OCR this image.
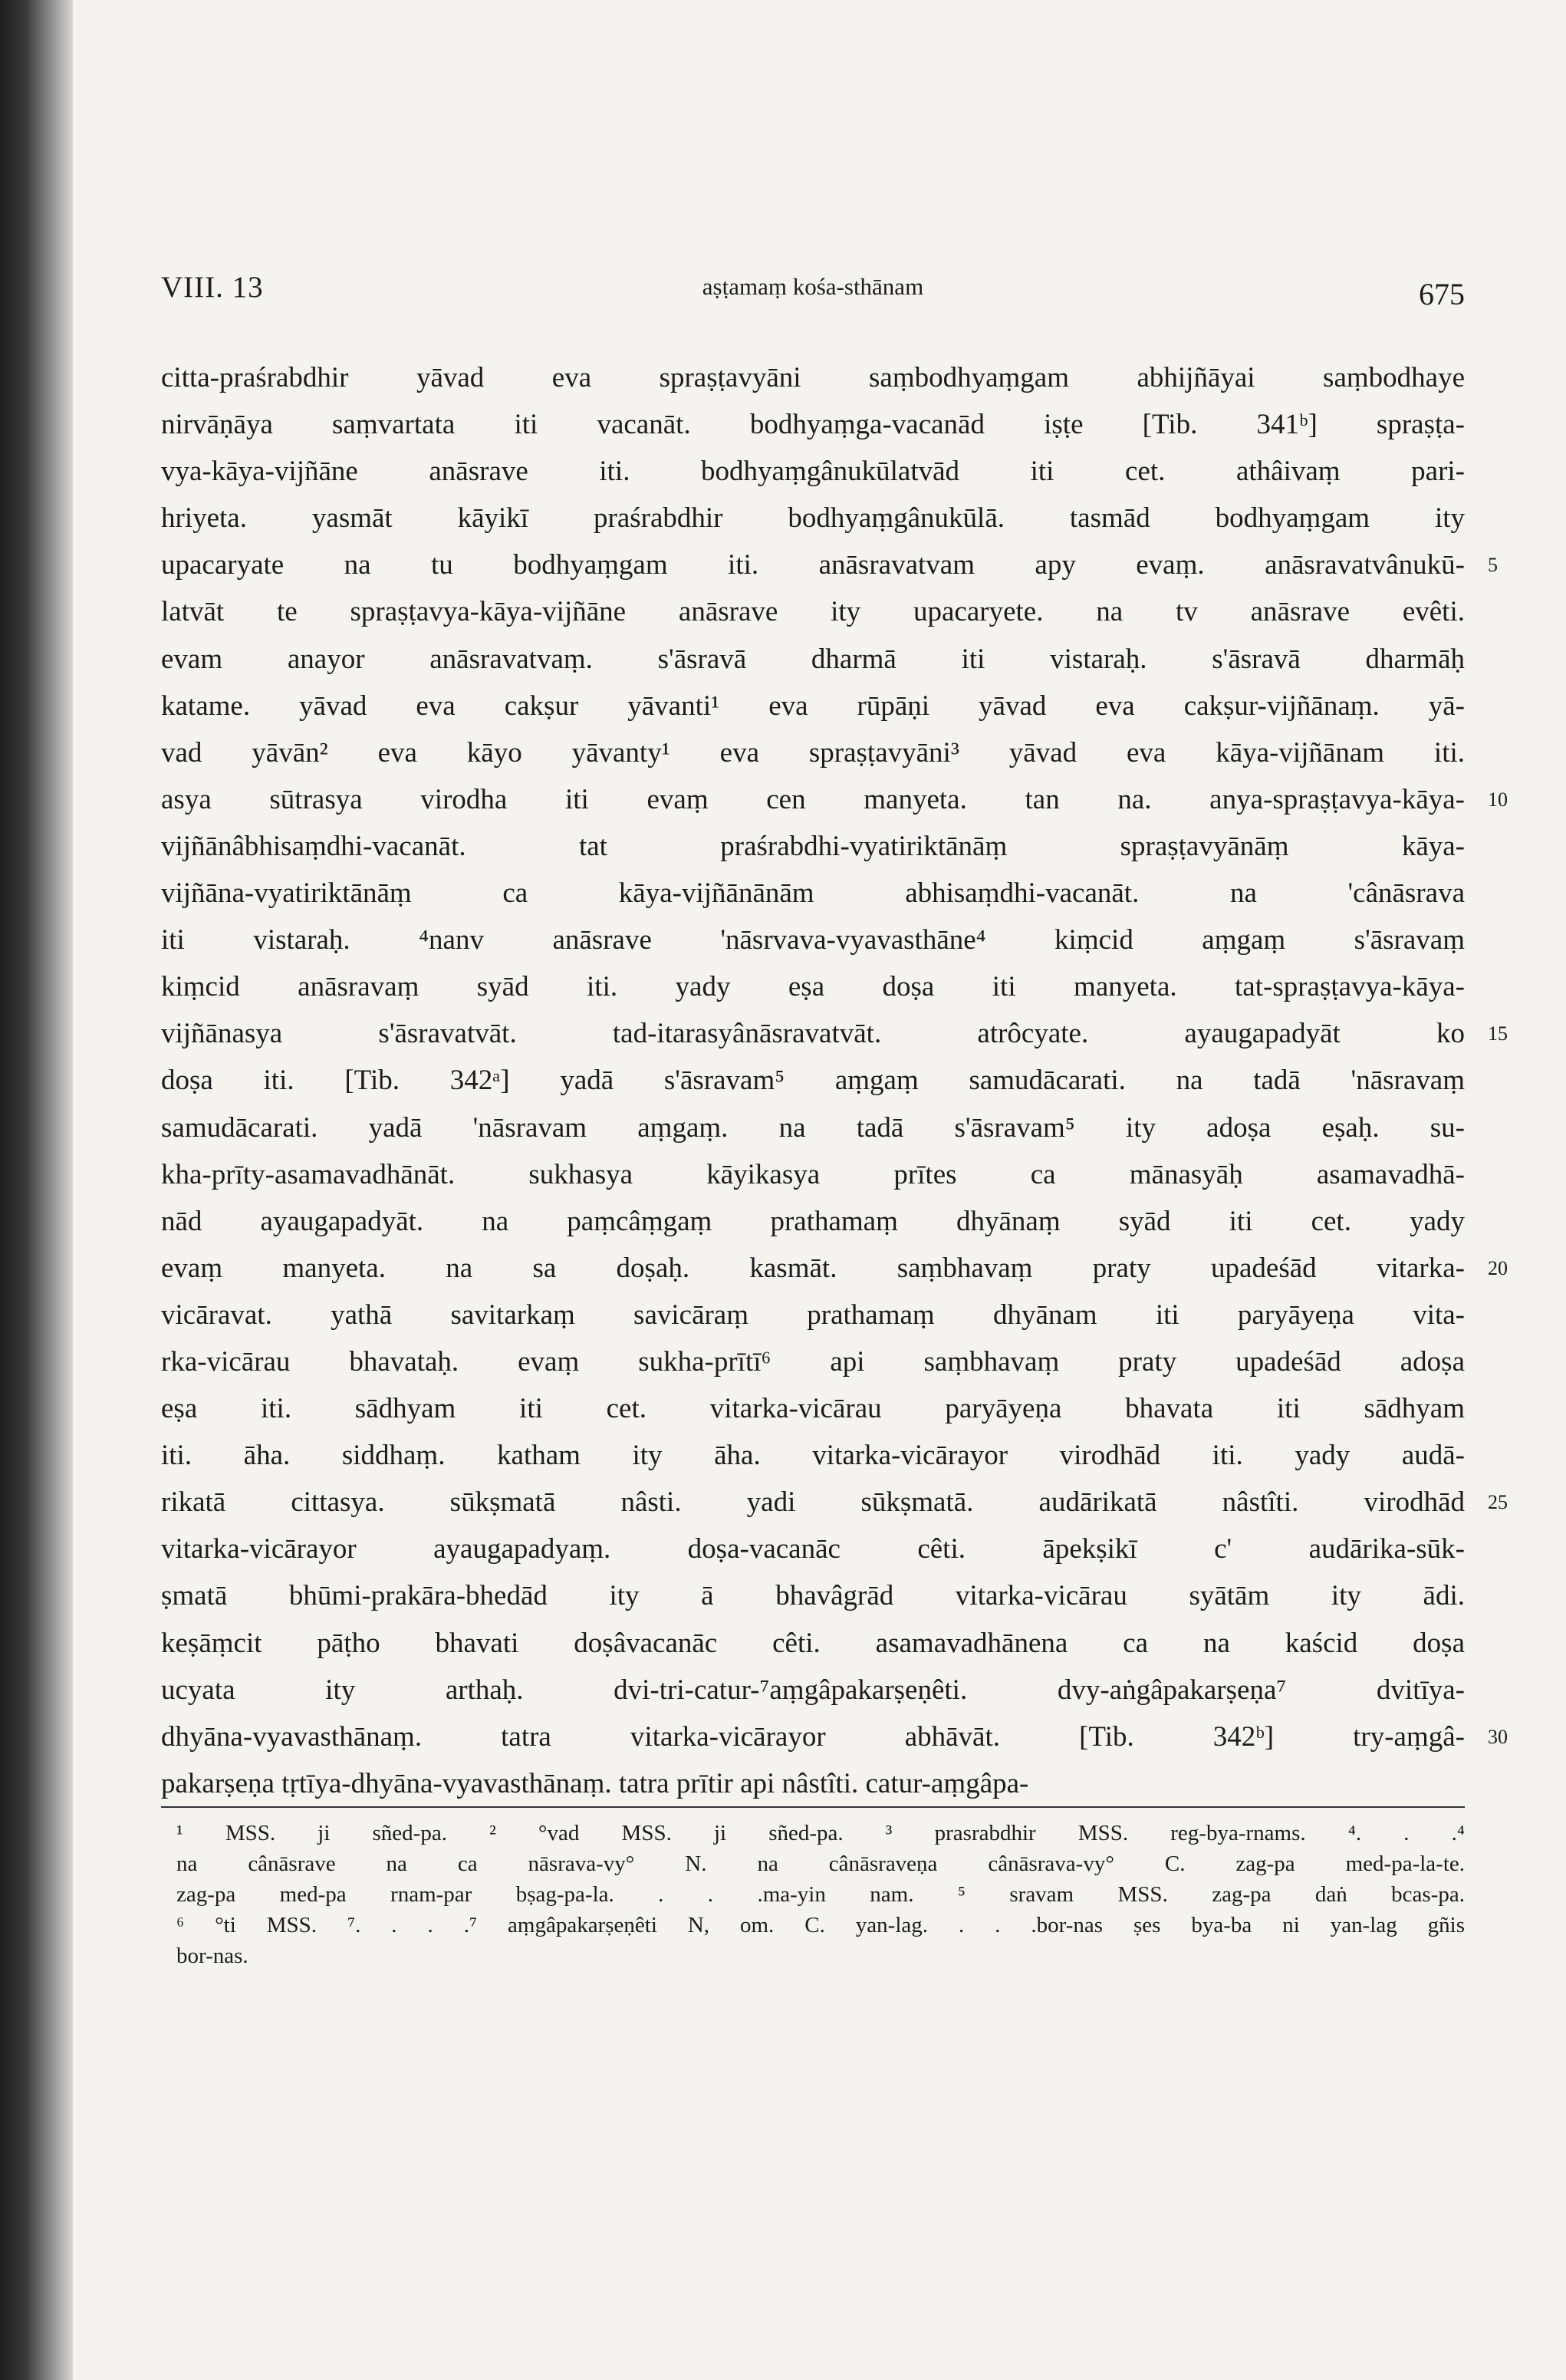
VIII. 13	aṣṭamaṃ kośa-sthānam	675
citta-praśrabdhir yāvad eva spraṣṭavyāni saṃbodhyaṃgam abhijñāyai saṃbodhaye
nirvāṇāya saṃvartata iti vacanāt. bodhyaṃga-vacanād iṣṭe [Tib. 341ᵇ] spraṣṭa-
vya-kāya-vijñāne anāsrave iti. bodhyaṃgânukūlatvād iti cet. athâivaṃ pari-
hriyeta. yasmāt kāyikī praśrabdhir bodhyaṃgânukūlā. tasmād bodhyaṃgam ity
upacaryate na tu bodhyaṃgam iti. anāsravatvam apy evaṃ. anāsravatvânukū- 5
latvāt te spraṣṭavya-kāya-vijñāne anāsrave ity upacaryete. na tv anāsrave evêti.
evam anayor anāsravatvaṃ. s'āsravā dharmā iti vistaraḥ. s'āsravā dharmāḥ
katame. yāvad eva cakṣur yāvanti¹ eva rūpāṇi yāvad eva cakṣur-vijñānaṃ. yā-
vad yāvān² eva kāyo yāvanty¹ eva spraṣṭavyāni³ yāvad eva kāya-vijñānam iti.
asya sūtrasya virodha iti evaṃ cen manyeta. tan na. anya-spraṣṭavya-kāya- 10
vijñānâbhisaṃdhi-vacanāt. tat praśrabdhi-vyatiriktānāṃ spraṣṭavyānāṃ kāya-
vijñāna-vyatiriktānāṃ ca kāya-vijñānānām abhisaṃdhi-vacanāt. na 'cânāsrava
iti vistaraḥ. ⁴nanv anāsrave 'nāsrvava-vyavasthāne⁴ kiṃcid aṃgaṃ s'āsravaṃ
kiṃcid anāsravaṃ syād iti. yady eṣa doṣa iti manyeta. tat-spraṣṭavya-kāya-
vijñānasya s'āsravatvāt. tad-itarasyânāsravatvāt. atrôcyate. ayaugapadyāt ko 15
doṣa iti. [Tib. 342ᵃ] yadā s'āsravam⁵ aṃgaṃ samudācarati. na tadā 'nāsravaṃ
samudācarati. yadā 'nāsravam aṃgaṃ. na tadā s'āsravam⁵ ity adoṣa eṣaḥ. su-
kha-prīty-asamavadhānāt. sukhasya kāyikasya prītes ca mānasyāḥ asamavadhā-
nād ayaugapadyāt. na paṃcâṃgaṃ prathamaṃ dhyānaṃ syād iti cet. yady
evaṃ manyeta. na sa doṣaḥ. kasmāt. saṃbhavaṃ praty upadeśād vitarka- 20
vicāravat. yathā savitarkaṃ savicāraṃ prathamaṃ dhyānam iti paryāyeṇa vita-
rka-vicārau bhavataḥ. evaṃ sukha-prītī⁶ api saṃbhavaṃ praty upadeśād adoṣa
eṣa iti. sādhyam iti cet. vitarka-vicārau paryāyeṇa bhavata iti sādhyam
iti. āha. siddhaṃ. katham ity āha. vitarka-vicārayor virodhād iti. yady audā-
rikatā cittasya. sūkṣmatā nâsti. yadi sūkṣmatā. audārikatā nâstîti. virodhād 25
vitarka-vicārayor ayaugapadyaṃ. doṣa-vacanāc cêti. āpekṣikī c' audārika-sūk-
ṣmatā bhūmi-prakāra-bhedād ity ā bhavâgrād vitarka-vicārau syātām ity ādi.
keṣāṃcit pāṭho bhavati doṣâvacanāc cêti. asamavadhānena ca na kaścid doṣa
ucyata ity arthaḥ. dvi-tri-catur-⁷aṃgâpakarṣeṇêti. dvy-aṅgâpakarṣeṇa⁷ dvitīya-
dhyāna-vyavasthānaṃ. tatra vitarka-vicārayor abhāvāt. [Tib. 342ᵇ] try-aṃgâ- 30
pakarṣeṇa tṛtīya-dhyāna-vyavasthānaṃ. tatra prītir api nâstîti. catur-aṃgâpa-
¹ MSS. ji sñed-pa. ² °vad MSS. ji sñed-pa. ³ prasrabdhir MSS. reg-bya-rnams. ⁴. . .⁴
na cânāsrave na ca nāsrava-vy° N. na cânāsraveṇa cânāsrava-vy° C. zag-pa med-pa-la-te.
zag-pa med-pa rnam-par bṣag-pa-la. . . .ma-yin nam. ⁵ sravam MSS. zag-pa daṅ bcas-pa.
⁶ °ti MSS. ⁷. . . .⁷ aṃgâpakarṣeṇêti N, om. C. yan-lag. . . .bor-nas ṣes bya-ba ni yan-lag gñis
bor-nas.
